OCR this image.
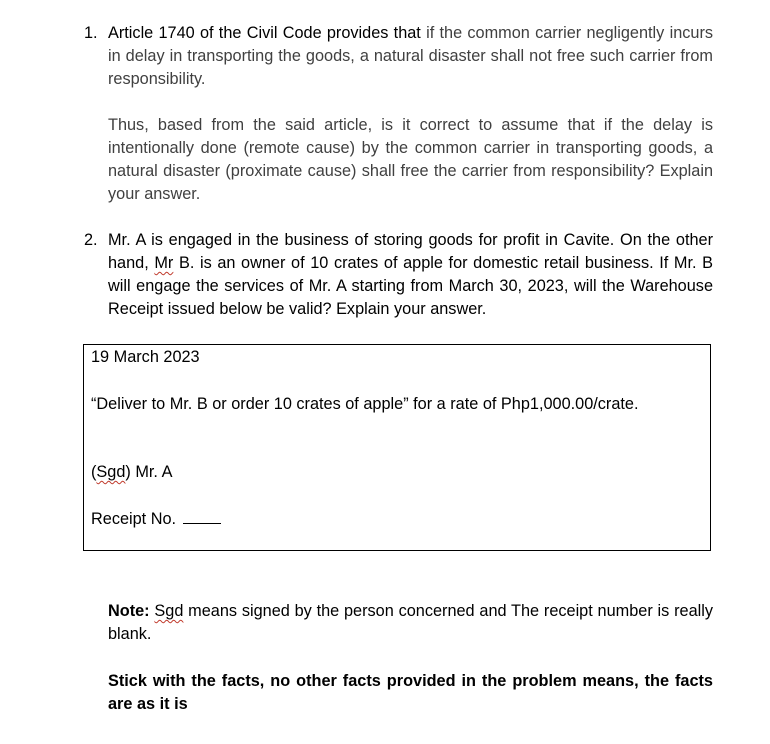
1. Article 1740 of the Civil Code provides that if the common carrier negligently incurs
in delay in transporting the goods, a natural disaster shall not free such carrier from responsibility.
Thus, based from the said article, is it correct to assume that if the delay is intentionally done (remote cause) by the common carrier in transporting goods, a natural disaster (proximate cause) shall free the carrier from responsibility? Explain your answer.
2. Mr. A is engaged in the business of storing goods for profit in Cavite. On the other
hand, Mr B. is an owner of 10 crates of apple for domestic retail business. If Mr. B will engage the services of Mr. A starting from March 30, 2023, will the Warehouse Receipt issued below be valid? Explain your answer.
19 March 2023
“Deliver to Mr. B or order 10 crates of apple” for a rate of Php1,000.00/crate.
(Sgd) Mr. A
Receipt No.
Note: Sgd means signed by the person concerned and The receipt number is really blank.
Stick with the facts, no other facts provided in the problem means, the facts are as it is
